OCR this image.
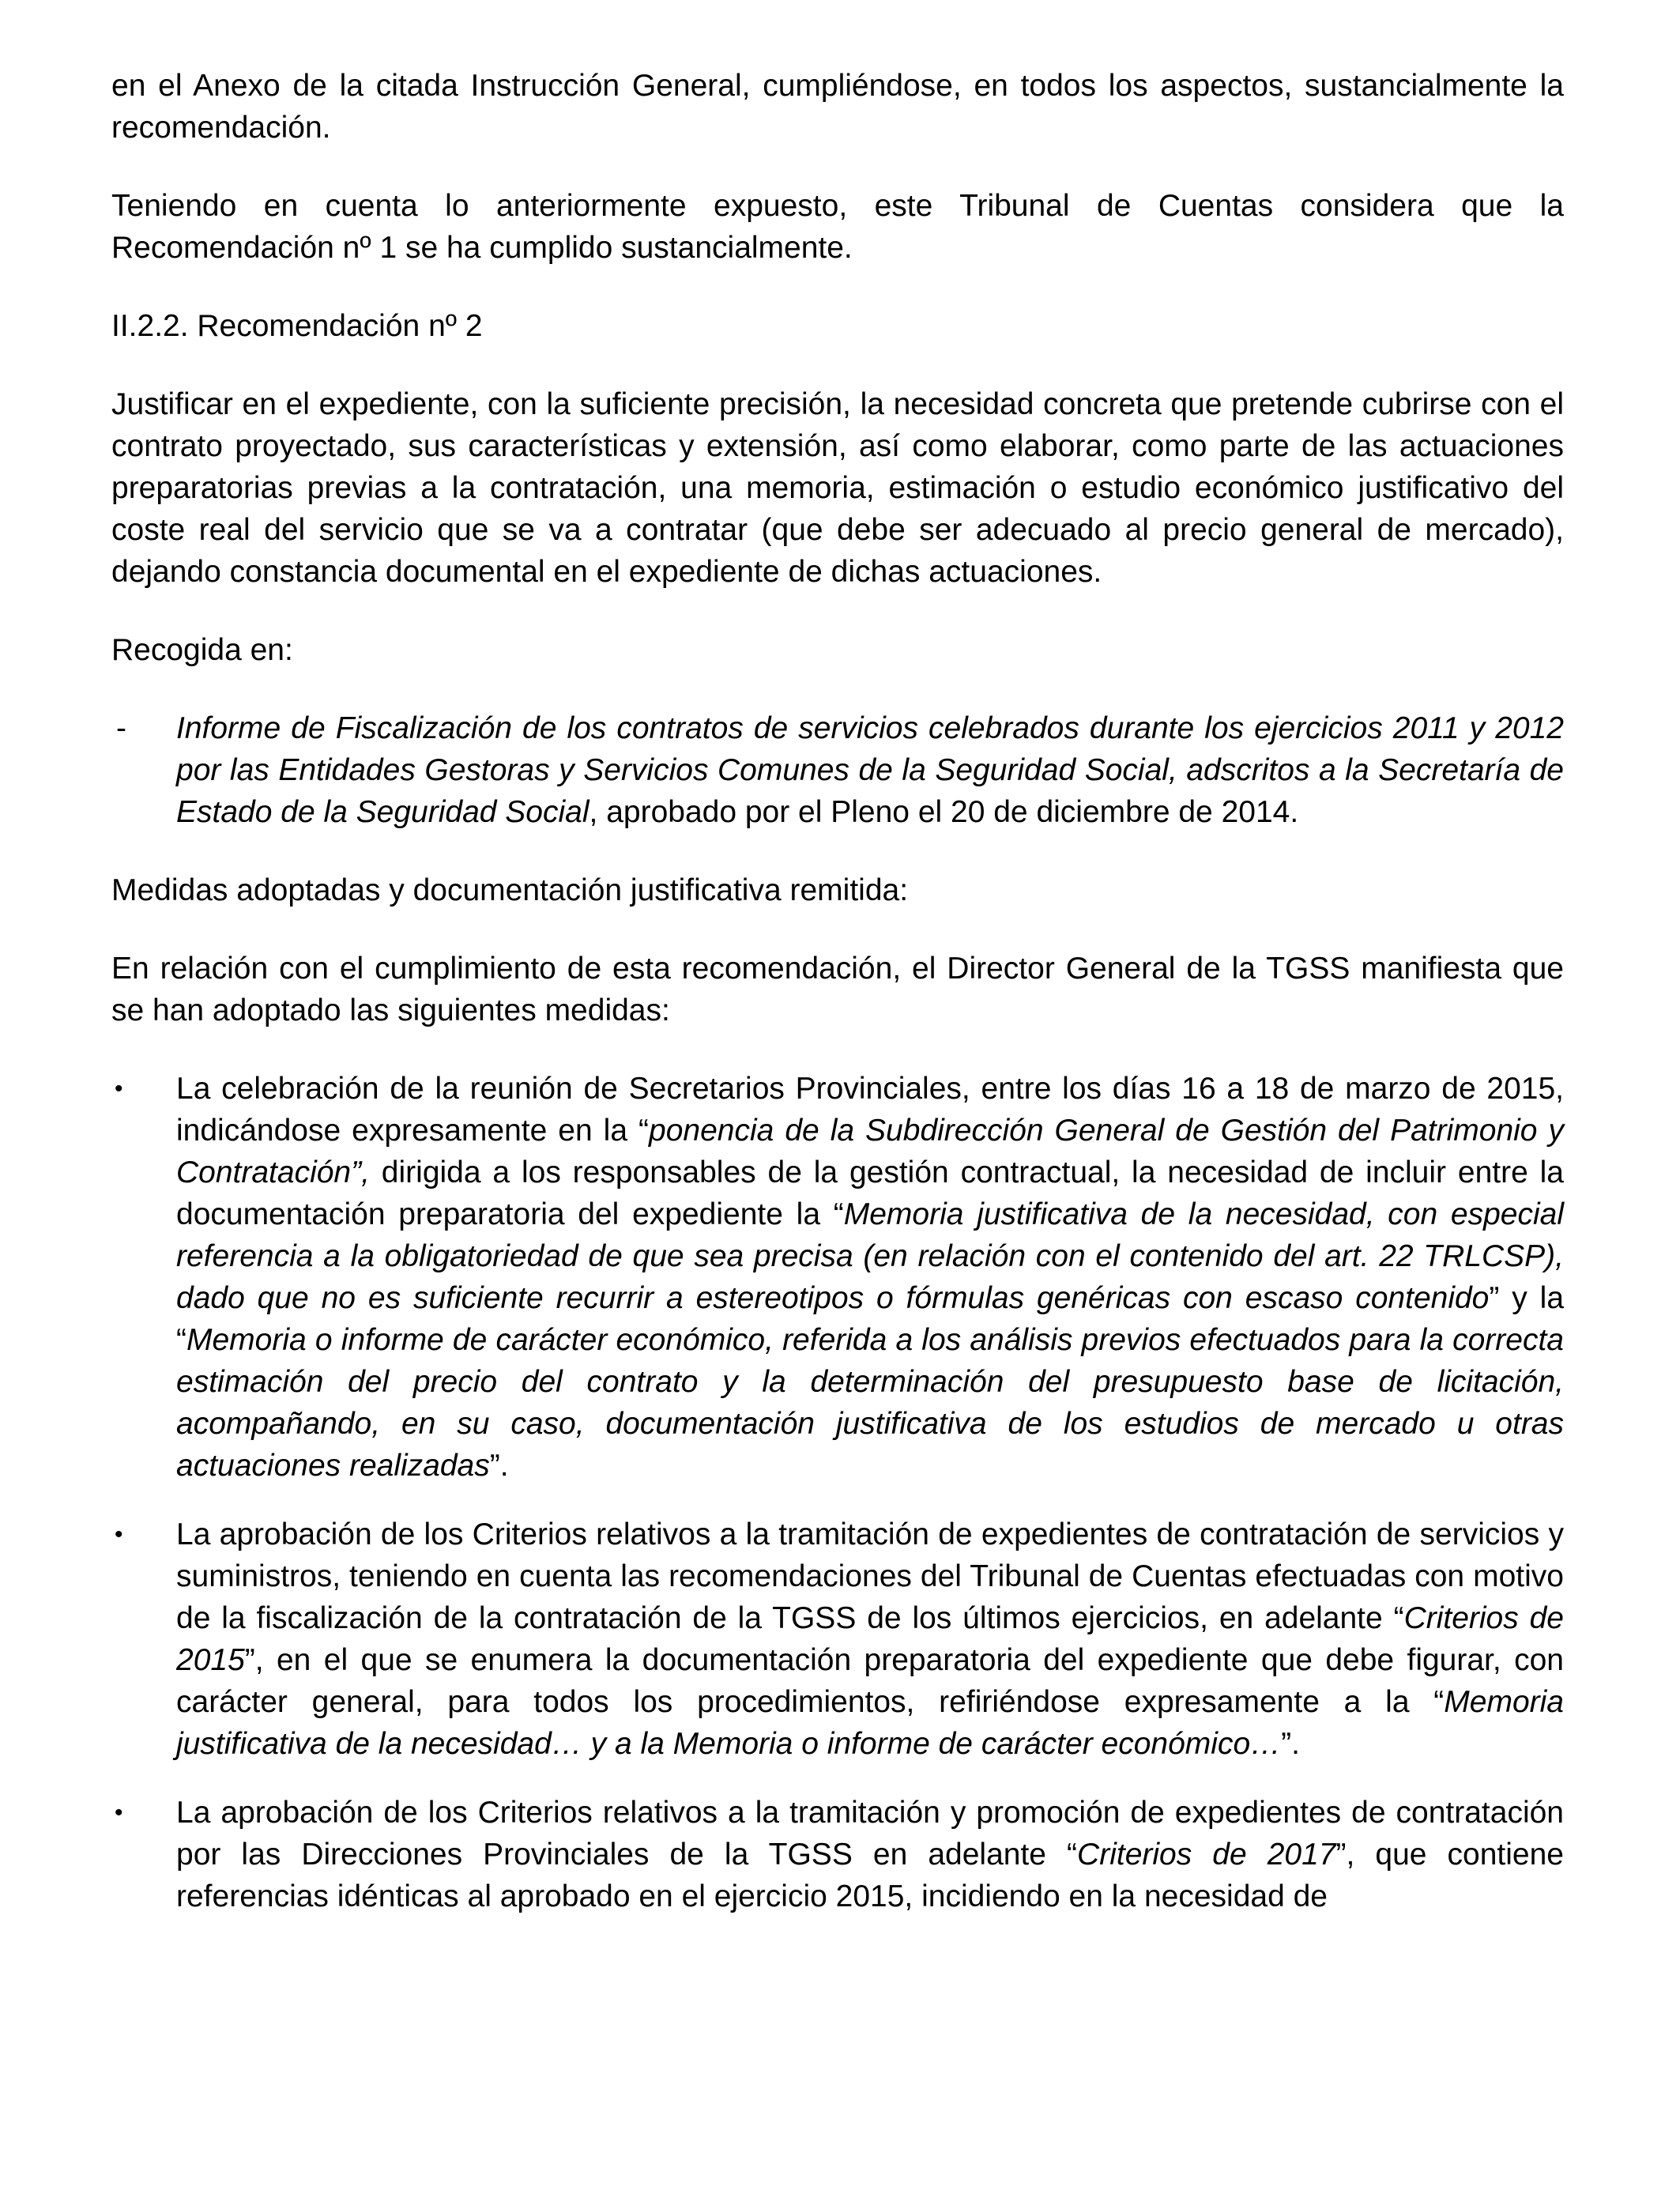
en el Anexo de la citada Instrucción General, cumpliéndose, en todos los aspectos, sustancialmente la recomendación.

Teniendo en cuenta lo anteriormente expuesto, este Tribunal de Cuentas considera que la Recomendación nº 1 se ha cumplido sustancialmente.

II.2.2. Recomendación nº 2

Justificar en el expediente, con la suficiente precisión, la necesidad concreta que pretende cubrirse con el contrato proyectado, sus características y extensión, así como elaborar, como parte de las actuaciones preparatorias previas a la contratación, una memoria, estimación o estudio económico justificativo del coste real del servicio que se va a contratar (que debe ser adecuado al precio general de mercado), dejando constancia documental en el expediente de dichas actuaciones.

Recogida en:

- Informe de Fiscalización de los contratos de servicios celebrados durante los ejercicios 2011 y 2012 por las Entidades Gestoras y Servicios Comunes de la Seguridad Social, adscritos a la Secretaría de Estado de la Seguridad Social, aprobado por el Pleno el 20 de diciembre de 2014.

Medidas adoptadas y documentación justificativa remitida:

En relación con el cumplimiento de esta recomendación, el Director General de la TGSS manifiesta que se han adoptado las siguientes medidas:

• La celebración de la reunión de Secretarios Provinciales, entre los días 16 a 18 de marzo de 2015, indicándose expresamente en la “ponencia de la Subdirección General de Gestión del Patrimonio y Contratación”, dirigida a los responsables de la gestión contractual, la necesidad de incluir entre la documentación preparatoria del expediente la “Memoria justificativa de la necesidad, con especial referencia a la obligatoriedad de que sea precisa (en relación con el contenido del art. 22 TRLCSP), dado que no es suficiente recurrir a estereotipos o fórmulas genéricas con escaso contenido” y la “Memoria o informe de carácter económico, referida a los análisis previos efectuados para la correcta estimación del precio del contrato y la determinación del presupuesto base de licitación, acompañando, en su caso, documentación justificativa de los estudios de mercado u otras actuaciones realizadas”.
• La aprobación de los Criterios relativos a la tramitación de expedientes de contratación de servicios y suministros, teniendo en cuenta las recomendaciones del Tribunal de Cuentas efectuadas con motivo de la fiscalización de la contratación de la TGSS de los últimos ejercicios, en adelante “Criterios de 2015”, en el que se enumera la documentación preparatoria del expediente que debe figurar, con carácter general, para todos los procedimientos, refiriéndose expresamente a la “Memoria justificativa de la necesidad… y a la Memoria o informe de carácter económico…”.
• La aprobación de los Criterios relativos a la tramitación y promoción de expedientes de contratación por las Direcciones Provinciales de la TGSS en adelante “Criterios de 2017”, que contiene referencias idénticas al aprobado en el ejercicio 2015, incidiendo en la necesidad de
